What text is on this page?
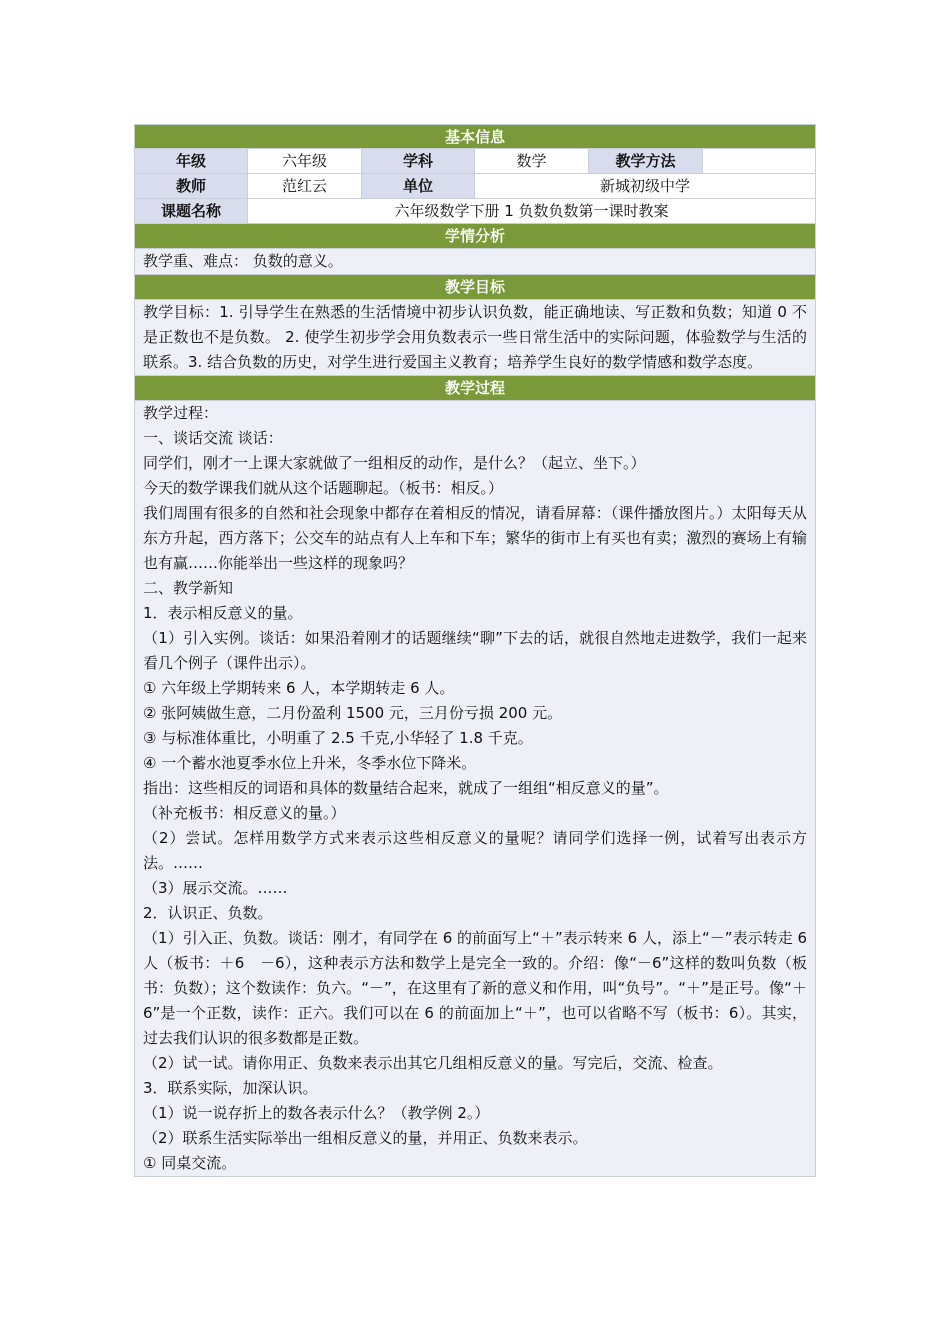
基本信息
年级	六年级	学科	数学	教学方法
教师	范红云	单位	新城初级中学
课题名称	六年级数学下册 1 负数负数第一课时教案
学情分析

教学重、难点： 负数的意义。

教学目标

教学目标：1. 引导学生在熟悉的生活情境中初步认识负数，能正确地读、写正数和负数；知道 0 不是正数也不是负数。 2. 使学生初步学会用负数表示一些日常生活中的实际问题，体验数学与生活的联系。3. 结合负数的历史，对学生进行爱国主义教育；培养学生良好的数学情感和数学态度。

教学过程

教学过程：

一、谈话交流 谈话：

同学们，刚才一上课大家就做了一组相反的动作，是什么？（起立、坐下。）

今天的数学课我们就从这个话题聊起。（板书：相反。）

我们周围有很多的自然和社会现象中都存在着相反的情况，请看屏幕：（课件播放图片。）太阳每天从东方升起，西方落下；公交车的站点有人上车和下车；繁华的街市上有买也有卖；激烈的赛场上有输也有赢……你能举出一些这样的现象吗？

二、教学新知

1．表示相反意义的量。

（1）引入实例。谈话：如果沿着刚才的话题继续“聊”下去的话，就很自然地走进数学，我们一起来看几个例子（课件出示）。

① 六年级上学期转来 6 人，本学期转走 6 人。

② 张阿姨做生意，二月份盈利 1500 元，三月份亏损 200 元。

③ 与标准体重比，小明重了 2.5 千克,小华轻了 1.8 千克。

④ 一个蓄水池夏季水位上升米，冬季水位下降米。

指出：这些相反的词语和具体的数量结合起来，就成了一组组“相反意义的量”。

（补充板书：相反意义的量。）

（2）尝试。怎样用数学方式来表示这些相反意义的量呢？请同学们选择一例，试着写出表示方法。……

（3）展示交流。……

2．认识正、负数。

（1）引入正、负数。谈话：刚才，有同学在 6 的前面写上“＋”表示转来 6 人，添上“－”表示转走 6 人（板书：＋6　－6），这种表示方法和数学上是完全一致的。介绍：像“－6”这样的数叫负数（板书：负数）；这个数读作：负六。“－”，在这里有了新的意义和作用，叫“负号”。“＋”是正号。像“＋6”是一个正数，读作：正六。我们可以在 6 的前面加上“＋”，也可以省略不写（板书：6）。其实，过去我们认识的很多数都是正数。

（2）试一试。请你用正、负数来表示出其它几组相反意义的量。写完后，交流、检查。

3．联系实际，加深认识。

（1）说一说存折上的数各表示什么？（教学例 2。）

（2）联系生活实际举出一组相反意义的量，并用正、负数来表示。

① 同桌交流。
